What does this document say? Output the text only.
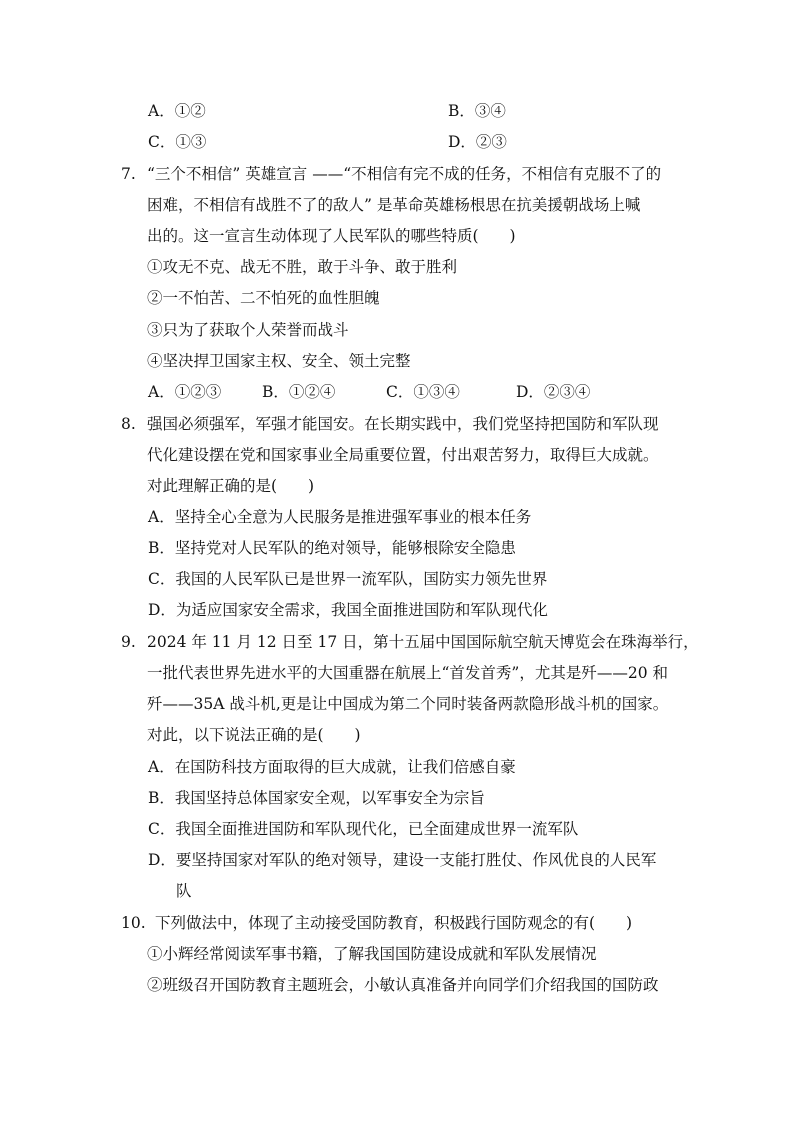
A．①②	B．③④
C．①③	D．②③
7. “三个不相信” 英雄宣言 ——“不相信有完不成的任务，不相信有克服不了的
困难，不相信有战胜不了的敌人” 是革命英雄杨根思在抗美援朝战场上喊
出的。这一宣言生动体现了人民军队的哪些特质(　　)
①攻无不克、战无不胜，敢于斗争、敢于胜利
②一不怕苦、二不怕死的血性胆魄
③只为了获取个人荣誉而战斗
④坚决捍卫国家主权、安全、领土完整
A．①②③	B．①②④	C．①③④	D．②③④
8. 强国必须强军，军强才能国安。在长期实践中，我们党坚持把国防和军队现
代化建设摆在党和国家事业全局重要位置，付出艰苦努力，取得巨大成就。
对此理解正确的是(　　)
A．坚持全心全意为人民服务是推进强军事业的根本任务
B．坚持党对人民军队的绝对领导，能够根除安全隐患
C．我国的人民军队已是世界一流军队，国防实力领先世界
D．为适应国家安全需求，我国全面推进国防和军队现代化
9. 2024 年 11 月 12 日至 17 日，第十五届中国国际航空航天博览会在珠海举行，
一批代表世界先进水平的大国重器在航展上“首发首秀”，尤其是歼——20 和
歼——35A 战斗机,更是让中国成为第二个同时装备两款隐形战斗机的国家。
对此，以下说法正确的是(　　)
A．在国防科技方面取得的巨大成就，让我们倍感自豪
B．我国坚持总体国家安全观，以军事安全为宗旨
C．我国全面推进国防和军队现代化，已全面建成世界一流军队
D．要坚持国家对军队的绝对领导，建设一支能打胜仗、作风优良的人民军
队
10. 下列做法中，体现了主动接受国防教育，积极践行国防观念的有(　　)
①小辉经常阅读军事书籍，了解我国国防建设成就和军队发展情况
②班级召开国防教育主题班会，小敏认真准备并向同学们介绍我国的国防政
